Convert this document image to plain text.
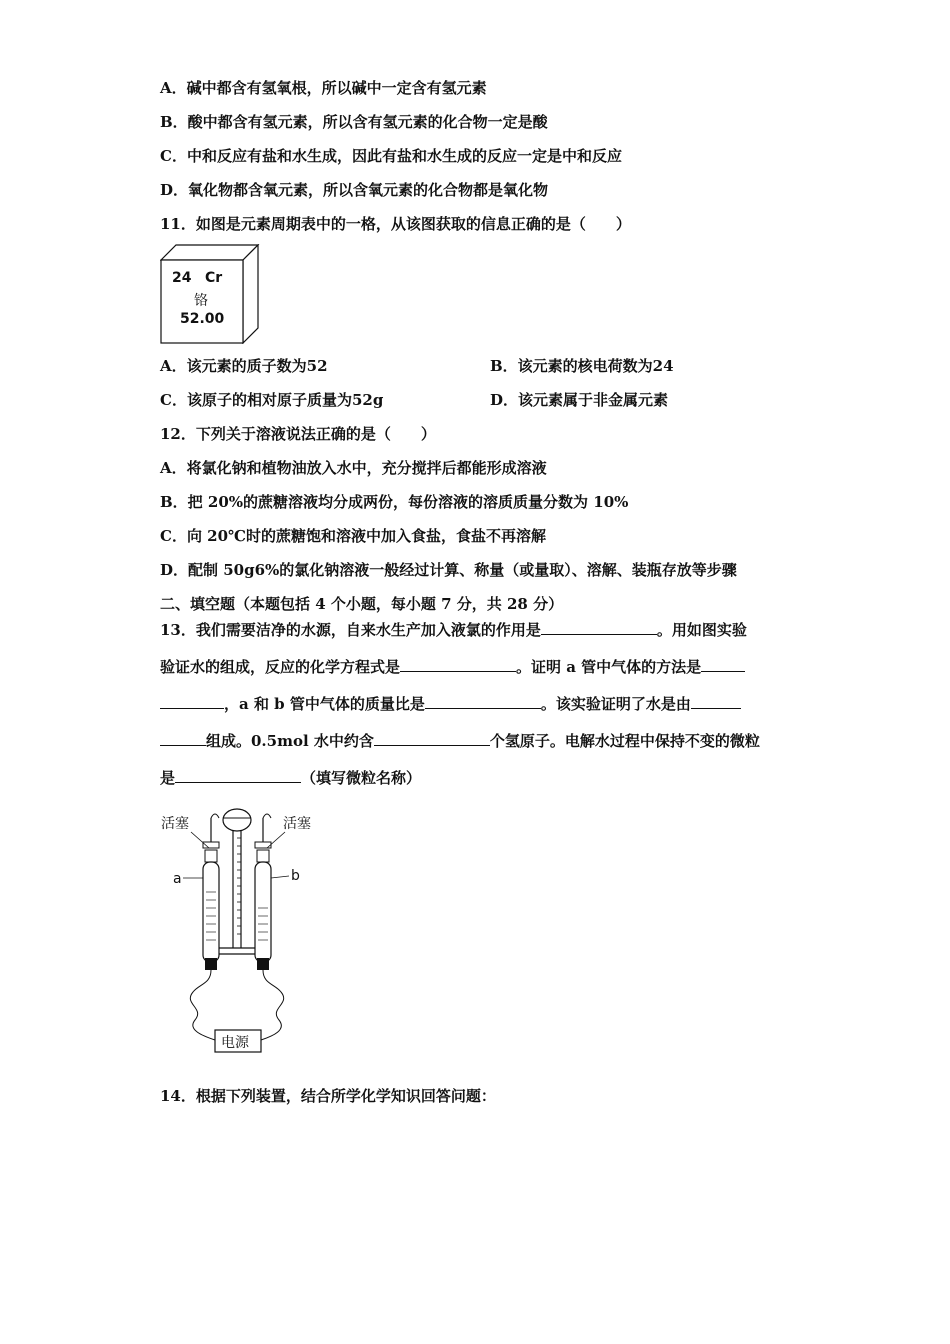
A．碱中都含有氢氧根，所以碱中一定含有氢元素
B．酸中都含有氢元素，所以含有氢元素的化合物一定是酸
C．中和反应有盐和水生成，因此有盐和水生成的反应一定是中和反应
D．氧化物都含氧元素，所以含氧元素的化合物都是氧化物
11．如图是元素周期表中的一格，从该图获取的信息正确的是（　　）
24 Cr
铬
52.00
A．该元素的质子数为52	B．该元素的核电荷数为24
C．该原子的相对原子质量为52g	D．该元素属于非金属元素
12．下列关于溶液说法正确的是（　　）
A．将氯化钠和植物油放入水中，充分搅拌后都能形成溶液
B．把 20%的蔗糖溶液均分成两份，每份溶液的溶质质量分数为 10%
C．向 20℃时的蔗糖饱和溶液中加入食盐，食盐不再溶解
D．配制 50g6%的氯化钠溶液一般经过计算、称量（或量取）、溶解、装瓶存放等步骤
二、填空题（本题包括 4 个小题，每小题 7 分，共 28 分）
13．我们需要洁净的水源，自来水生产加入液氯的作用是	。用如图实验
验证水的组成，反应的化学方程式是	。证明 a 管中气体的方法是
，a 和 b 管中气体的质量比是	。该实验证明了水是由
组成。0.5mol 水中约含	个氢原子。电解水过程中保持不变的微粒
是	（填写微粒名称）
活塞	活塞
a	b
电源
14．根据下列装置，结合所学化学知识回答问题：
